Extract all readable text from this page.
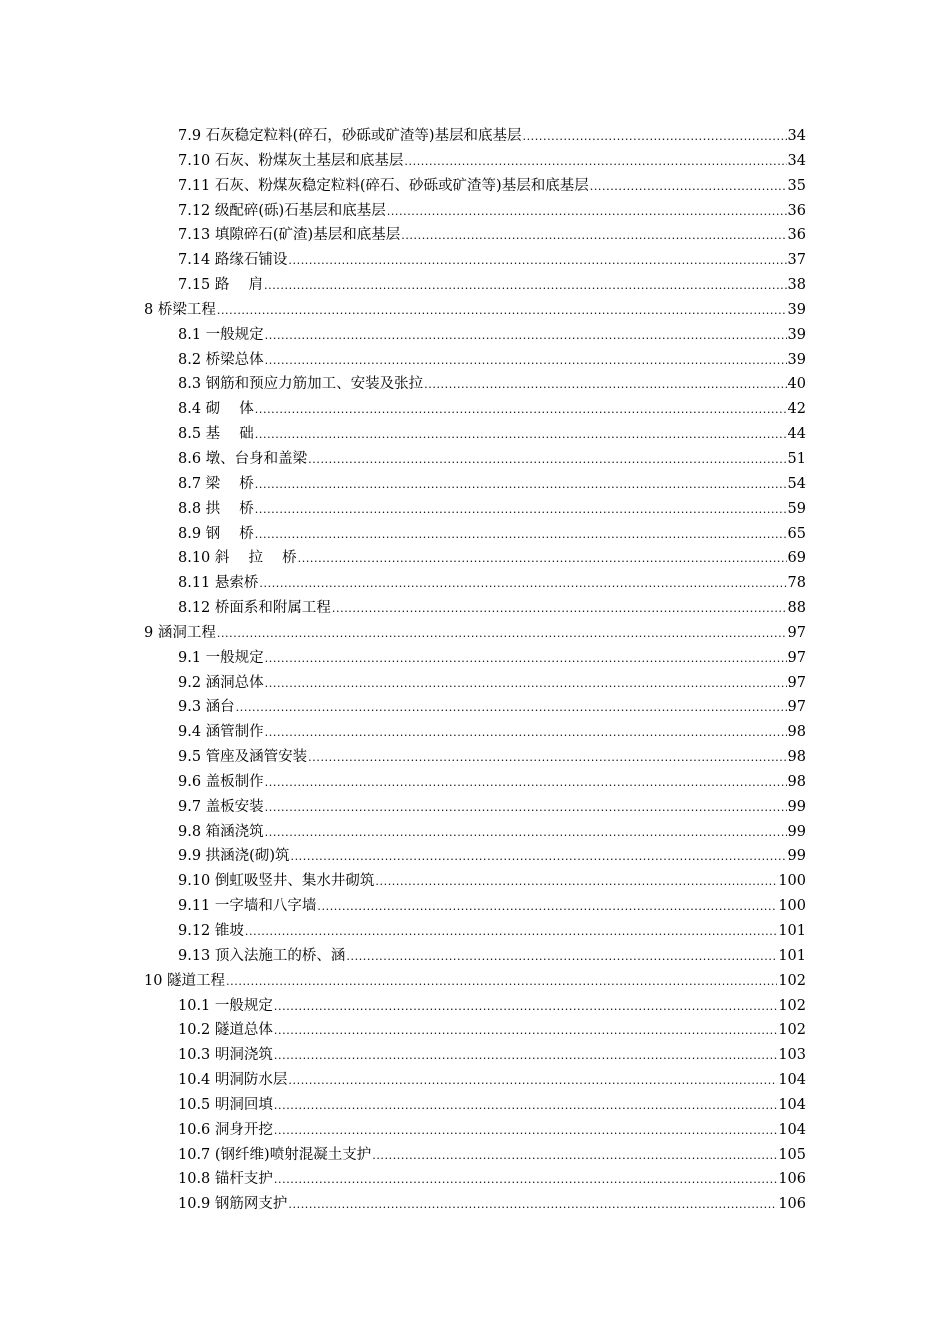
7.9 石灰稳定粒料(碎石，砂砾或矿渣等)基层和底基层 .....	34
7.10 石灰、粉煤灰土基层和底基层 .....	34
7.11 石灰、粉煤灰稳定粒料(碎石、砂砾或矿渣等)基层和底基层 .....	35
7.12 级配碎(砾)石基层和底基层 .....	36
7.13 填隙碎石(矿渣)基层和底基层 .....	36
7.14 路缘石铺设 .....	37
7.15 路　 肩 .....	38
8 桥梁工程 .....	39
8.1 一般规定 .....	39
8.2 桥梁总体 .....	39
8.3 钢筋和预应力筋加工、安装及张拉 .....	40
8.4 砌　 体 .....	42
8.5 基　 础 .....	44
8.6 墩、台身和盖梁 .....	51
8.7 梁　 桥 .....	54
8.8 拱　 桥 .....	59
8.9 钢　 桥 .....	65
8.10 斜　 拉　 桥 .....	69
8.11 悬索桥 .....	78
8.12 桥面系和附属工程 .....	88
9 涵洞工程 .....	97
9.1 一般规定 .....	97
9.2 涵洞总体 .....	97
9.3 涵台 .....	97
9.4 涵管制作 .....	98
9.5 管座及涵管安装 .....	98
9.6 盖板制作 .....	98
9.7 盖板安装 .....	99
9.8 箱涵浇筑 .....	99
9.9 拱涵浇(砌)筑 .....	99
9.10 倒虹吸竖井、集水井砌筑 .....	100
9.11 一字墙和八字墙 .....	100
9.12 锥坡 .....	101
9.13 顶入法施工的桥、涵 .....	101
10 隧道工程 .....	102
10.1 一般规定 .....	102
10.2 隧道总体 .....	102
10.3 明洞浇筑 .....	103
10.4 明洞防水层 .....	104
10.5 明洞回填 .....	104
10.6 洞身开挖 .....	104
10.7 (钢纤维)喷射混凝土支护 .....	105
10.8 锚杆支护 .....	106
10.9 钢筋网支护 .....	106
